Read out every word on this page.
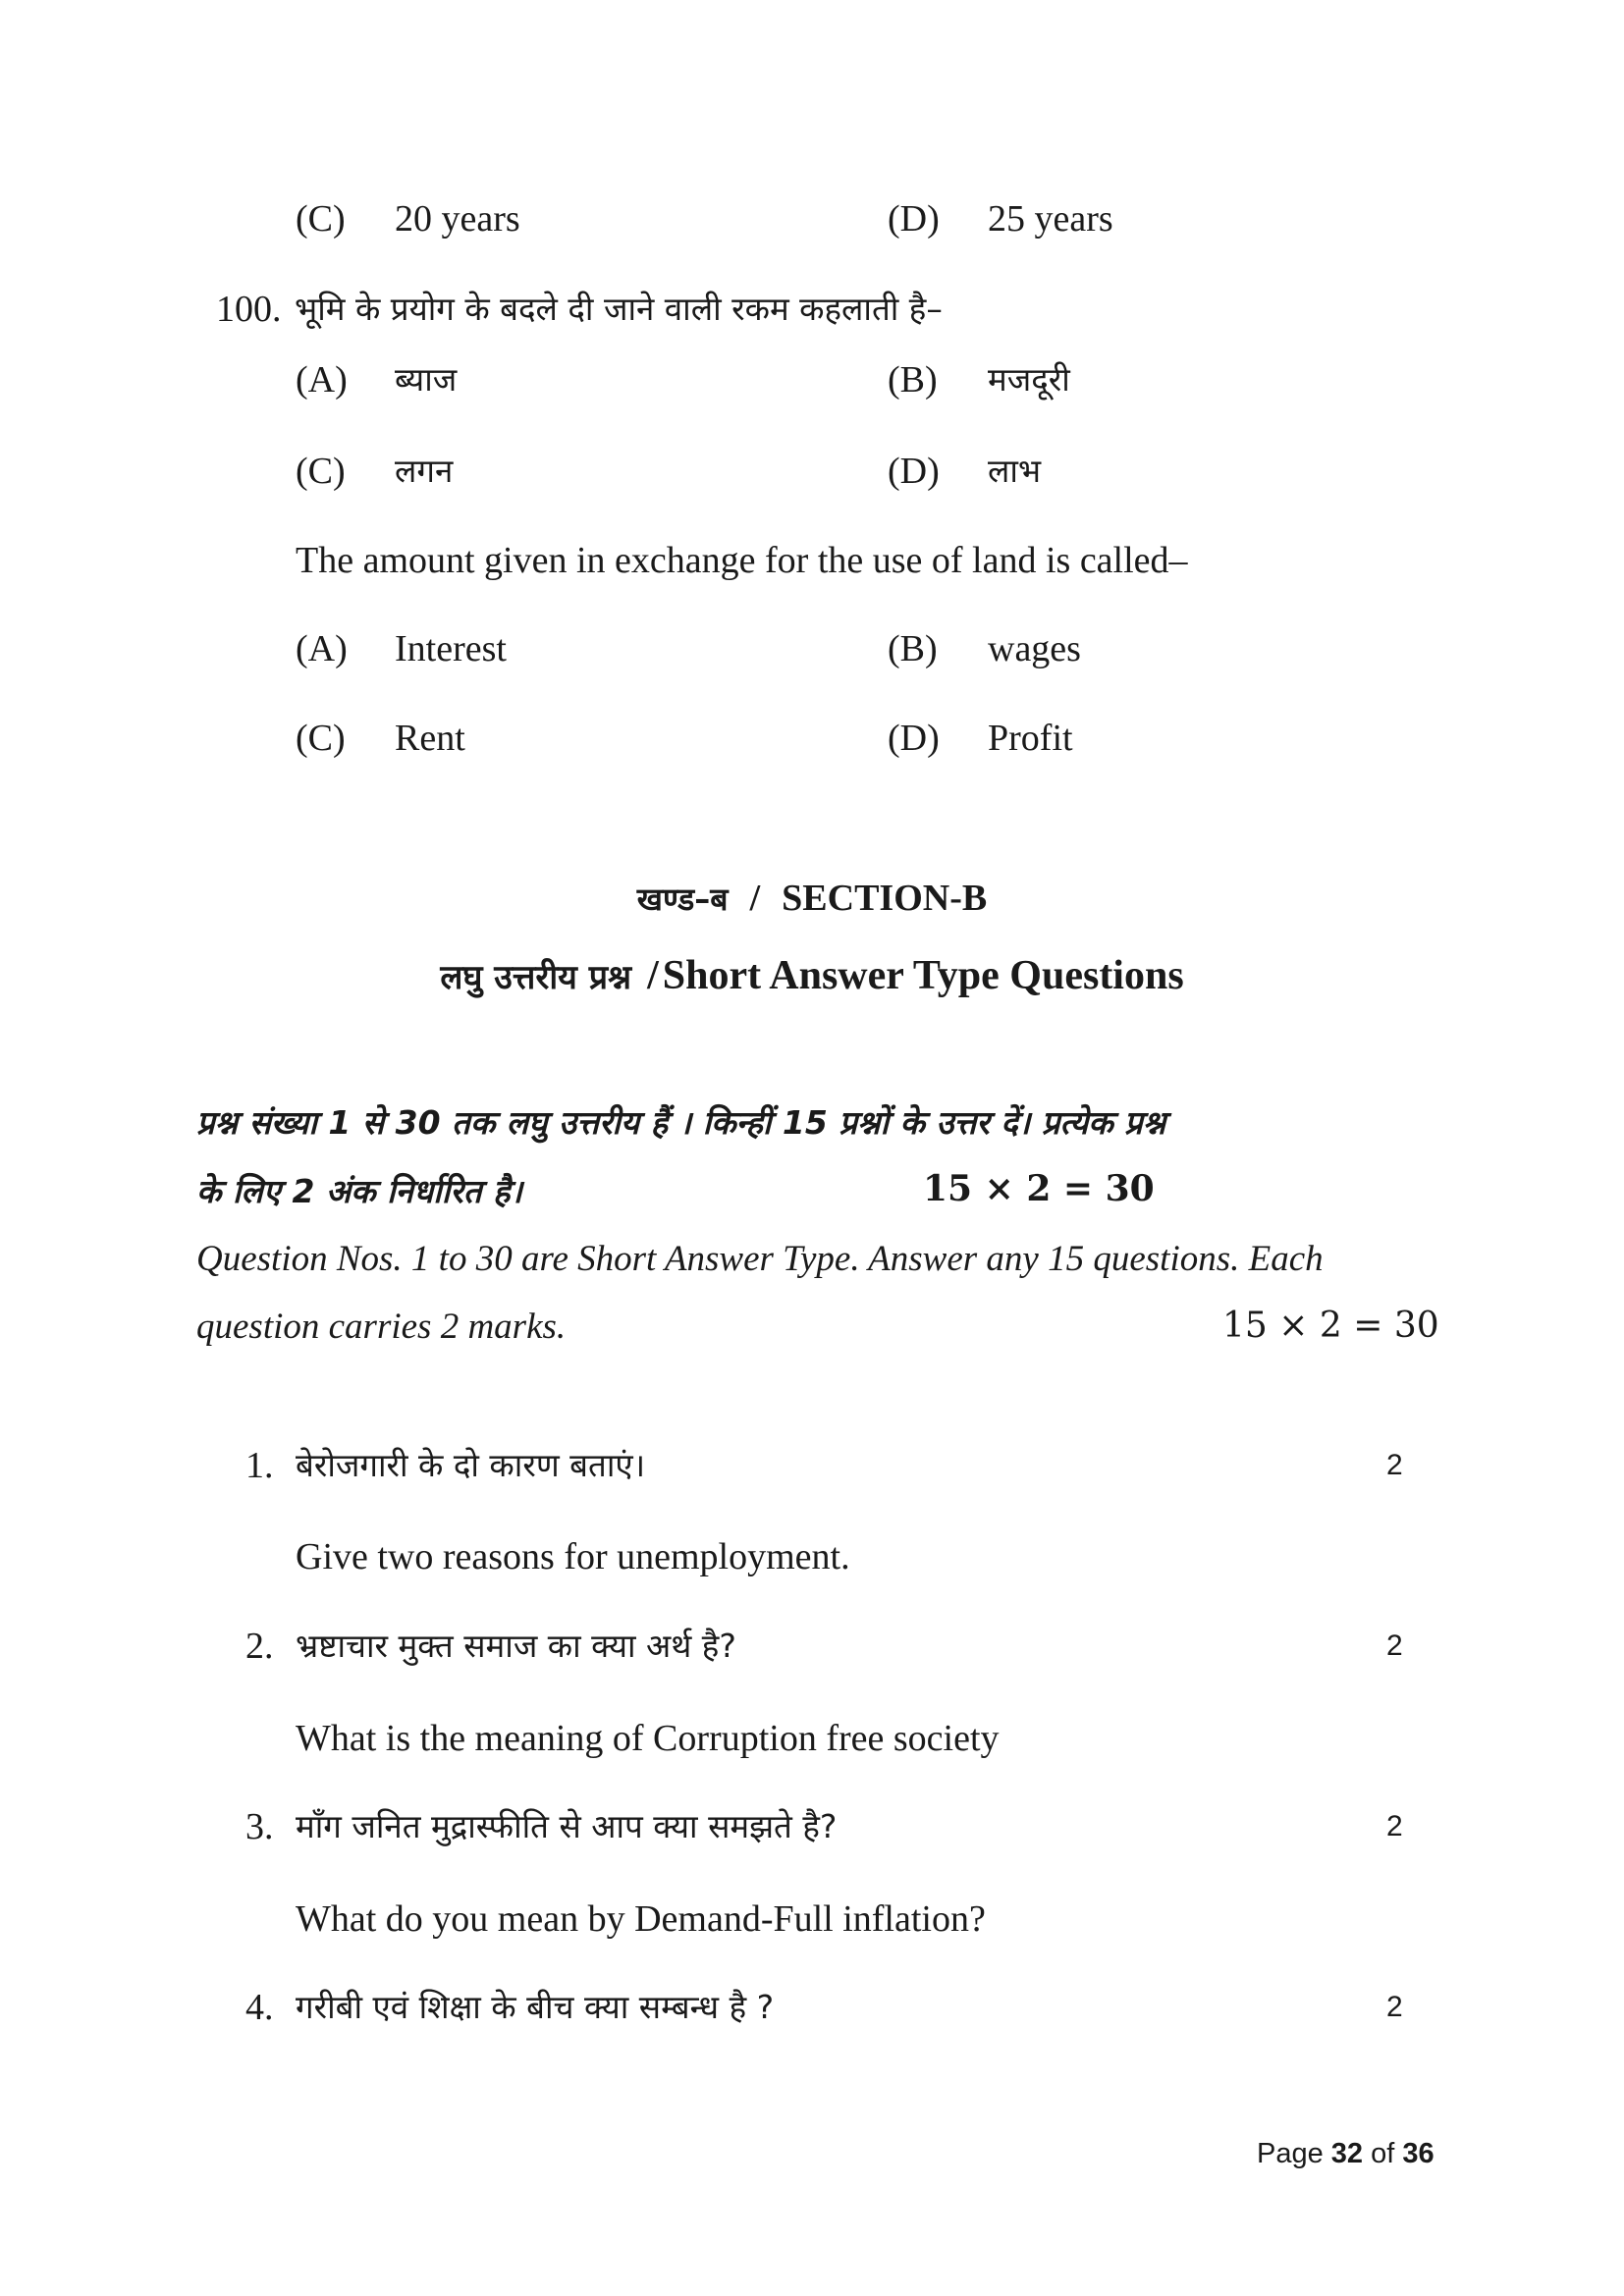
(C) 20 years	(D) 25 years
100. भूमि के प्रयोग के बदले दी जाने वाली रकम कहलाती है–
(A) ब्याज	(B) मजदूरी
(C) लगन	(D) लाभ
The amount given in exchange for the use of land is called–
(A) Interest	(B) wages
(C) Rent	(D) Profit
खण्ड–ब / SECTION-B
लघु उत्तरीय प्रश्न / Short Answer Type Questions
प्रश्न संख्या 1 से 30 तक लघु उत्तरीय हैं । किन्हीं 15 प्रश्नों के उत्तर दें। प्रत्येक प्रश्न
के लिए 2 अंक निर्धारित है।	15 × 2 = 30
Question Nos. 1 to 30 are Short Answer Type. Answer any 15 questions. Each
question carries 2 marks.	15 × 2 = 30
1. बेरोजगारी के दो कारण बताएं।	2
Give two reasons for unemployment.
2. भ्रष्टाचार मुक्त समाज का क्या अर्थ है?	2
What is the meaning of Corruption free society
3. माँग जनित मुद्रास्फीति से आप क्या समझते है?	2
What do you mean by Demand-Full inflation?
4. गरीबी एवं शिक्षा के बीच क्या सम्बन्ध है ?	2
Page 32 of 36
